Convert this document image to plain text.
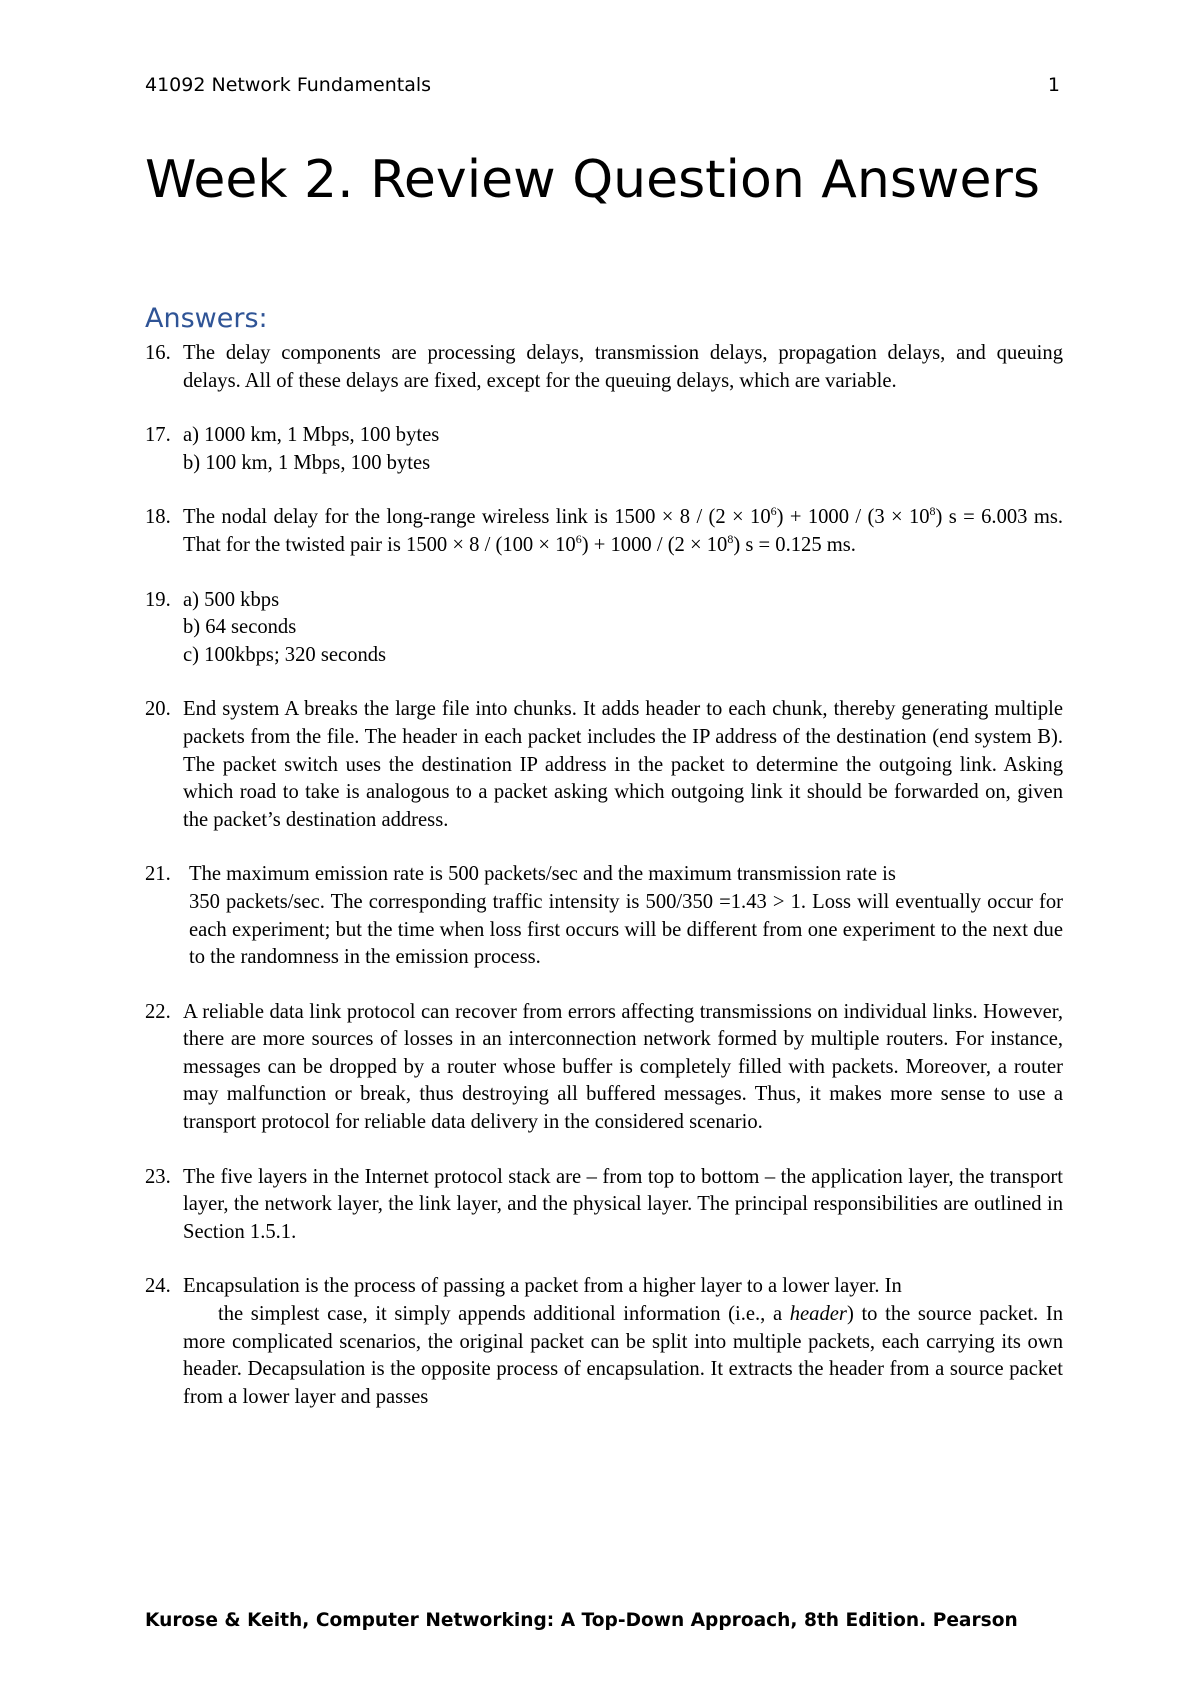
41092 Network Fundamentals	1
Week 2. Review Question Answers
Answers:
16. The delay components are processing delays, transmission delays, propagation delays, and queuing delays. All of these delays are fixed, except for the queuing delays, which are variable.

17. a) 1000 km, 1 Mbps, 100 bytes
b) 100 km, 1 Mbps, 100 bytes
18. The nodal delay for the long-range wireless link is $1500 \times 8 / (2 \times 10^6) + 1000 / (3 \times 10^8)$ s = 6.003 ms. That for the twisted pair is $1500 \times 8 / (100 \times 10^6) + 1000 / (2 \times 10^8)$ s = 0.125 ms.

19. a) 500 kbps
b) 64 seconds
c) 100kbps; 320 seconds
20. End system A breaks the large file into chunks. It adds header to each chunk, thereby generating multiple packets from the file. The header in each packet includes the IP address of the destination (end system B). The packet switch uses the destination IP address in the packet to determine the outgoing link. Asking which road to take is analogous to a packet asking which outgoing link it should be forwarded on, given the packet’s destination address.

21. The maximum emission rate is 500 packets/sec and the maximum transmission rate is

350 packets/sec. The corresponding traffic intensity is 500/350 =1.43 > 1. Loss will eventually occur for each experiment; but the time when loss first occurs will be different from one experiment to the next due to the randomness in the emission process.

22. A reliable data link protocol can recover from errors affecting transmissions on individual links. However, there are more sources of losses in an interconnection network formed by multiple routers. For instance, messages can be dropped by a router whose buffer is completely filled with packets. Moreover, a router may malfunction or break, thus destroying all buffered messages. Thus, it makes more sense to use a transport protocol for reliable data delivery in the considered scenario.

23. The five layers in the Internet protocol stack are – from top to bottom – the application layer, the transport layer, the network layer, the link layer, and the physical layer. The principal responsibilities are outlined in Section 1.5.1.

24. Encapsulation is the process of passing a packet from a higher layer to a lower layer. In

the simplest case, it simply appends additional information (i.e., a header) to the source packet. In more complicated scenarios, the original packet can be split into multiple packets, each carrying its own header. Decapsulation is the opposite process of encapsulation. It extracts the header from a source packet from a lower layer and passes

Kurose & Keith, Computer Networking: A Top-Down Approach, 8th Edition. Pearson
